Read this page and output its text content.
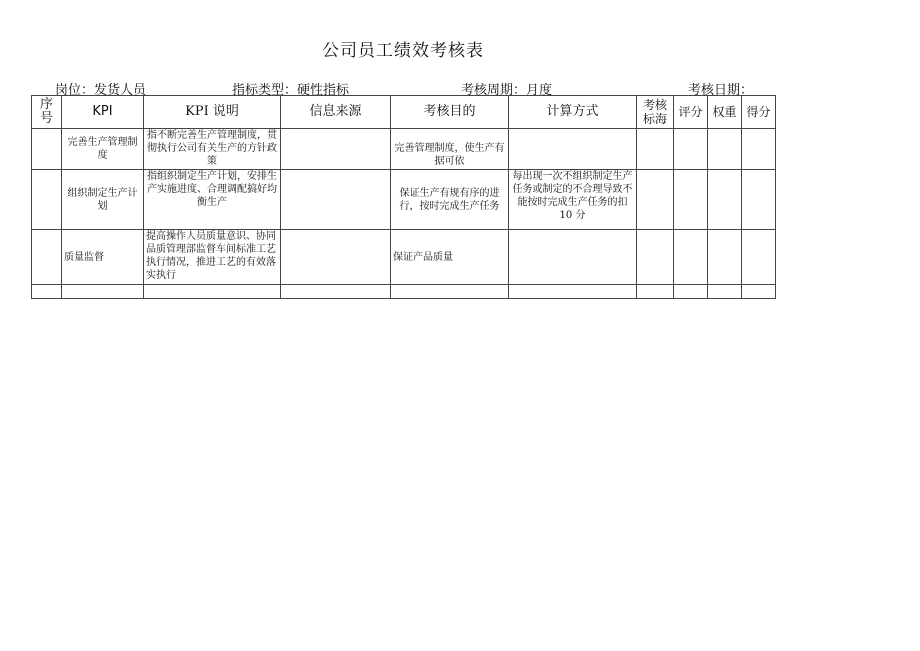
公司员工绩效考核表
岗位：发货人员	指标类型：硬性指标	考核周期：月度	考核日期：
序号	KPI	KPI 说明	信息来源	考核目的	计算方式	考核标海	评分	权重	得分
	完善生产管理制度	指不断完善生产管理制度，贯彻执行公司有关生产的方针政策		完善管理制度，使生产有据可依					
	组织制定生产计划	指组织制定生产计划，安排生产实施进度、合理调配搞好均衡生产		保证生产有规有序的进行，按时完成生产任务	每出现一次不组织制定生产任务或制定的不合理导致不能按时完成生产任务的扣 10 分				
	质量监督	提高操作人员质量意识、协同品质管理部监督车间标准工艺执行情况，推进工艺的有效落实执行		保证产品质量					
